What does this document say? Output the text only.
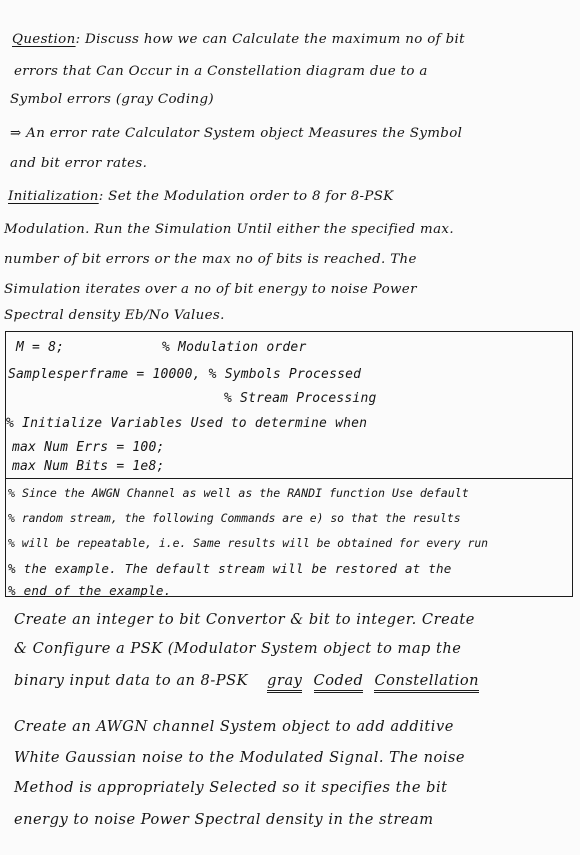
Question: Discuss how we can Calculate the maximum no of bit
errors that Can Occur in a Constellation diagram due to a
Symbol errors (gray Coding)
⇒ An error rate Calculator System object Measures the Symbol
and bit error rates.
Initialization: Set the Modulation order to 8 for 8-PSK
Modulation. Run the Simulation Until either the specified max.
number of bit errors or the max no of bits is reached. The
Simulation iterates over a no of bit energy to noise Power
Spectral density Eb/No Values.
M = 8;	% Modulation order
Samplesperframe = 10000, % Symbols Processed
% Stream Processing
% Initialize Variables Used to determine when
max Num Errs = 100;
max Num Bits = 1e8;
% Since the AWGN Channel as well as the RANDI function Use default
% random stream, the following Commands are e) so that the results
% will be repeatable, i.e. Same results will be obtained for every run
% the example. The default stream will be restored at the
% end of the example.
Create an integer to bit Convertor & bit to integer. Create
& Configure a PSK (Modulator System object to map the
binary input data to an 8-PSK gray Coded Constellation
Create an AWGN channel System object to add additive
White Gaussian noise to the Modulated Signal. The noise
Method is appropriately Selected so it specifies the bit
energy to noise Power Spectral density in the stream
